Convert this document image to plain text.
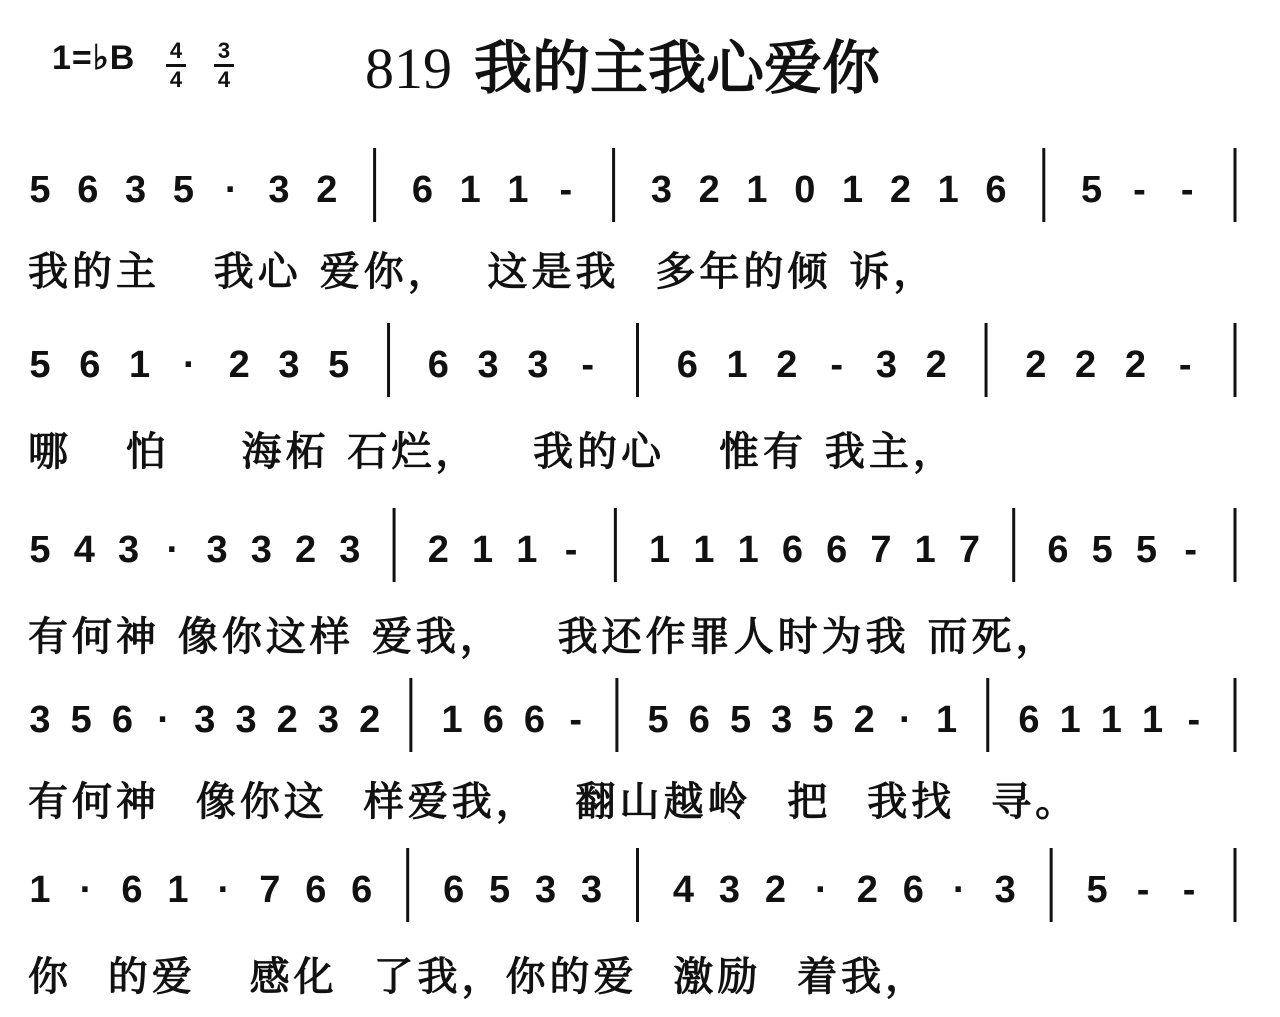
1=♭B 4
4
3
4 819 我的主我心爱你
5 6 3 5 · 3 2 6 1 1 - 3 2 1 0 1 2 1 6 5 - -
我的主   我心 爱你，  这是我  多年的倾 诉，
5 6 1 · 2 3 5 6 3 3 - 6 1 2 - 3 2 2 2 2 -
哪   怕    海柘 石烂，   我的心   惟有 我主，
5 4 3 · 3 3 2 3 2 1 1 - 1 1 1 6 6 7 1 7 6 5 5 -
有何神 像你这样 爱我，   我还作罪人时为我 而死，
3 5 6 · 3 3 2 3 2 1 6 6 - 5 6 5 3 5 2 · 1 6 1 1 1 -
有何神  像你这  样爱我，  翻山越岭  把  我找  寻。
1 · 6 1 · 7 6 6 6 5 3 3 4 3 2 · 2 6 · 3 5 - -
你  的爱   感化  了我，你的爱  激励  着我，
